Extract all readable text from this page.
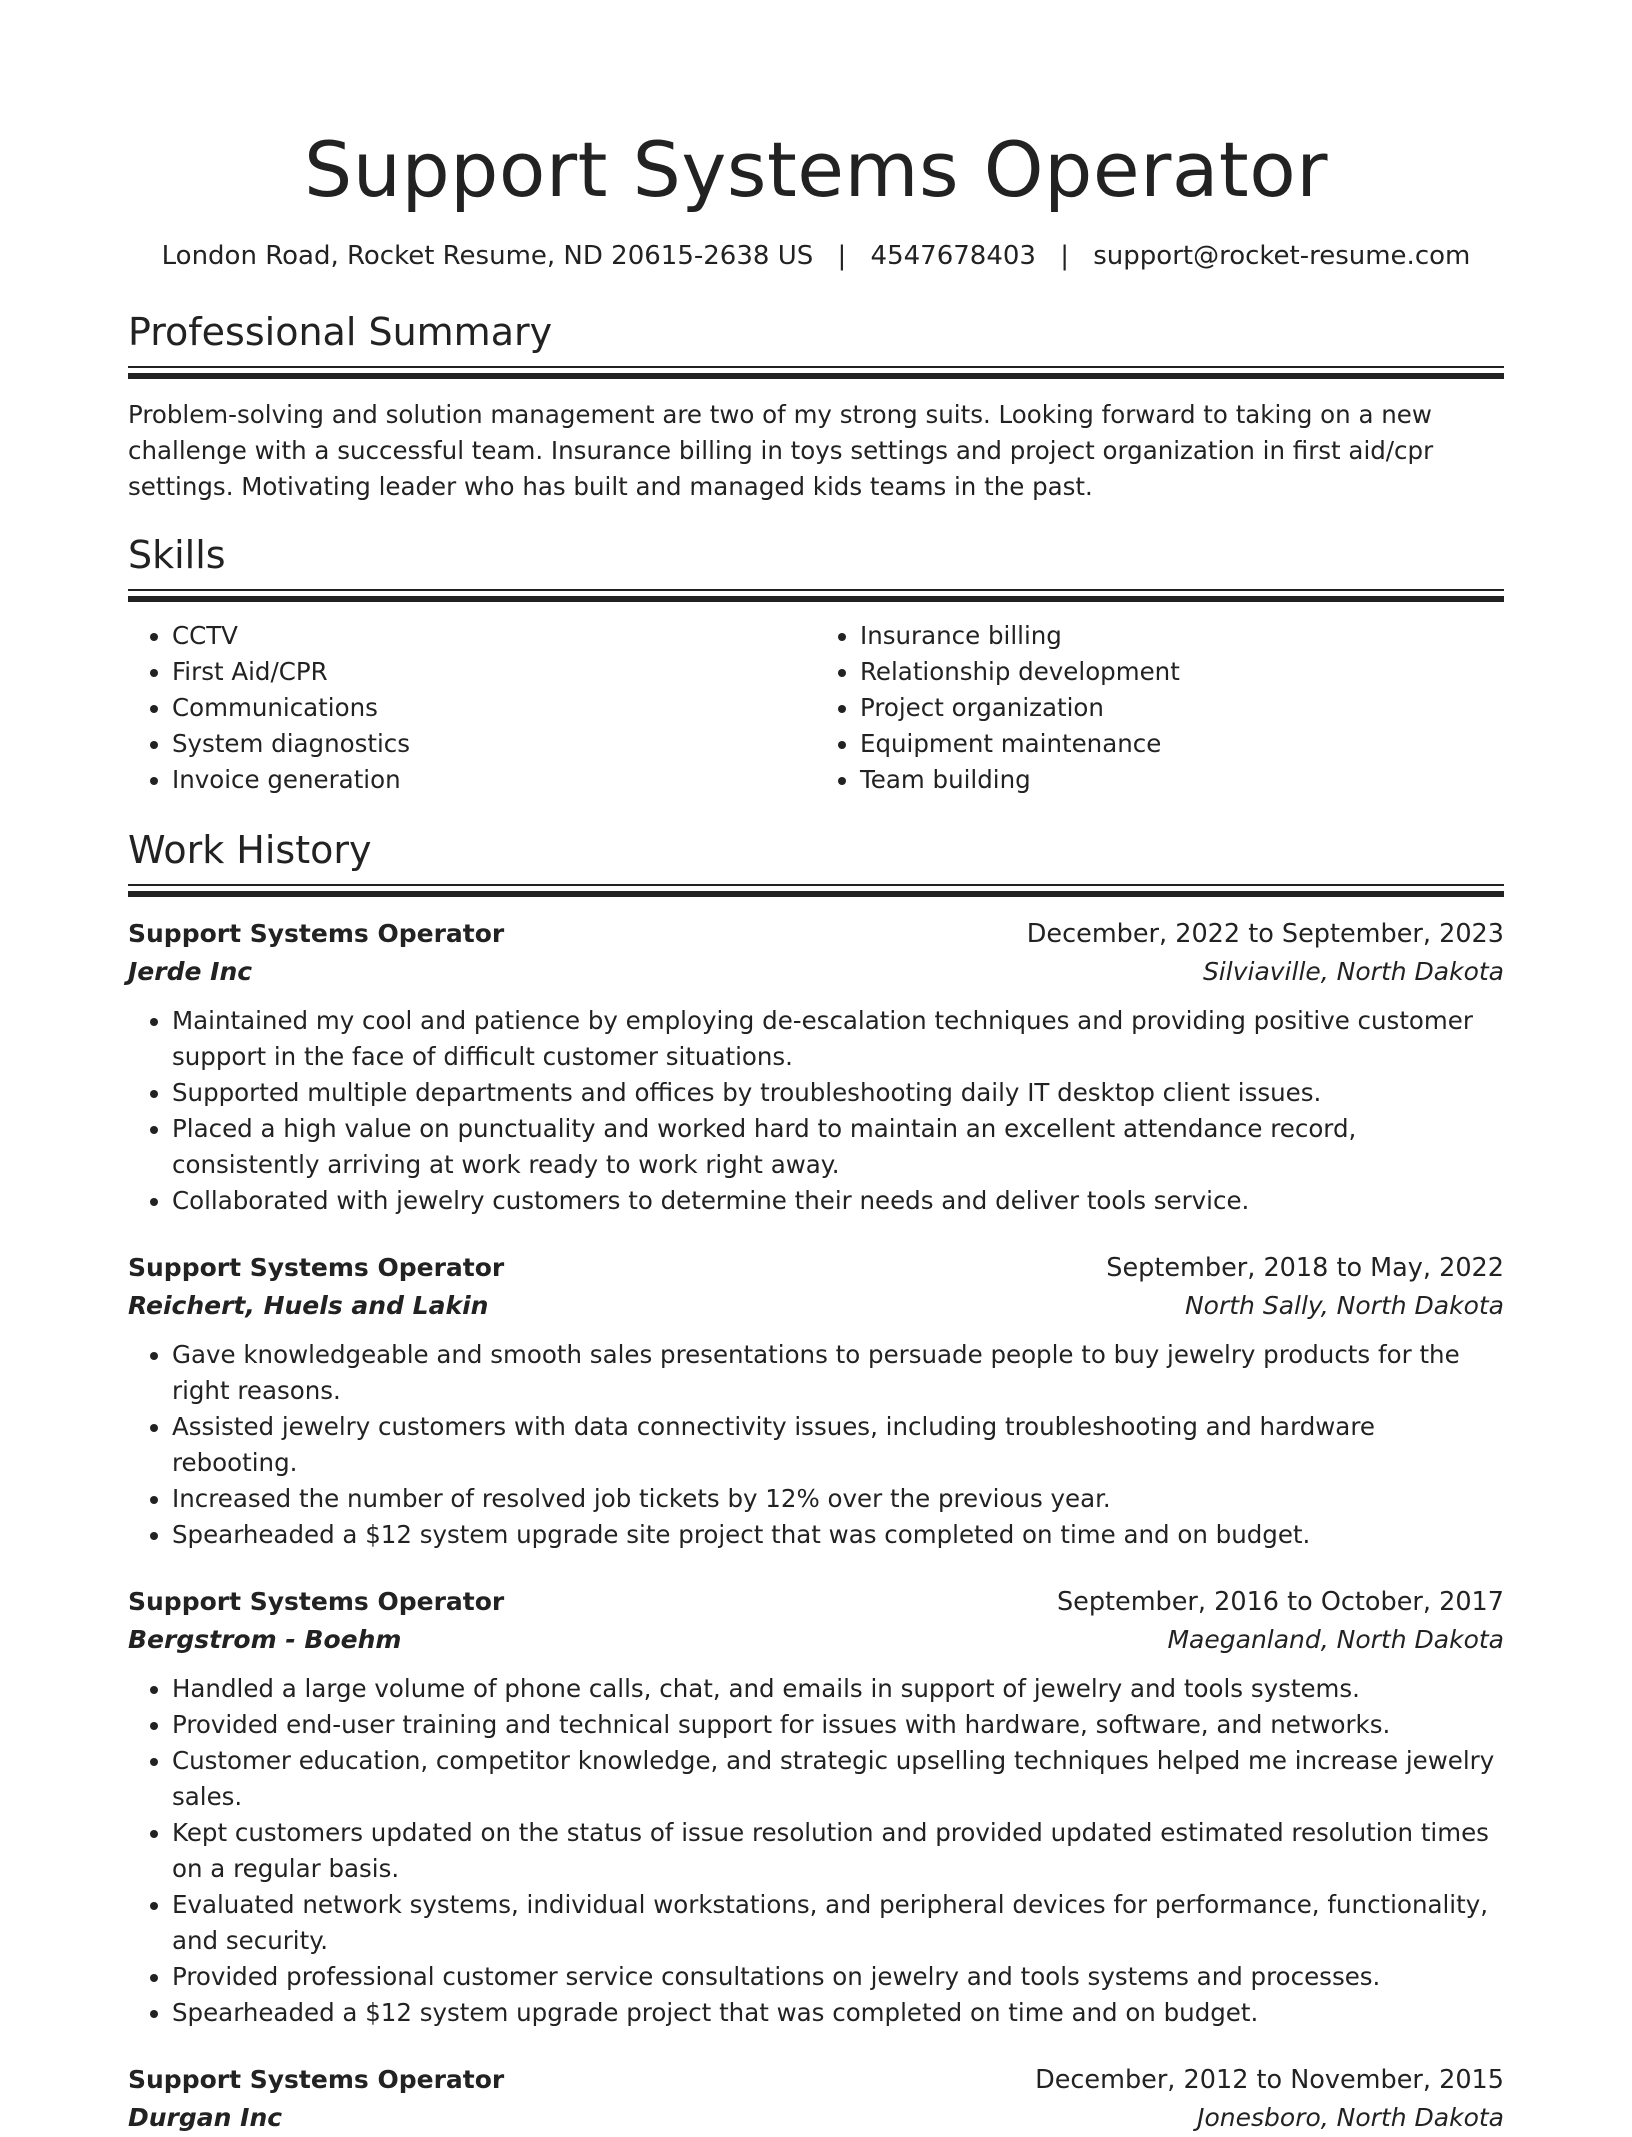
Support Systems Operator
London Road, Rocket Resume, ND 20615-2638 US | 4547678403 | support@rocket-resume.com
Professional Summary

Problem-solving and solution management are two of my strong suits. Looking forward to taking on a new challenge with a successful team. Insurance billing in toys settings and project organization in first aid/cpr settings. Motivating leader who has built and managed kids teams in the past.

Skills
• CCTV
• First Aid/CPR
• Communications
• System diagnostics
• Invoice generation
• Insurance billing
• Relationship development
• Project organization
• Equipment maintenance
• Team building
Work History
Support Systems Operator	December, 2022 to September, 2023
Jerde Inc	Silviaville, North Dakota
• Maintained my cool and patience by employing de-escalation techniques and providing positive customer support in the face of difficult customer situations.
• Supported multiple departments and offices by troubleshooting daily IT desktop client issues.
• Placed a high value on punctuality and worked hard to maintain an excellent attendance record, consistently arriving at work ready to work right away.
• Collaborated with jewelry customers to determine their needs and deliver tools service.
Support Systems Operator	September, 2018 to May, 2022
Reichert, Huels and Lakin	North Sally, North Dakota
• Gave knowledgeable and smooth sales presentations to persuade people to buy jewelry products for the right reasons.
• Assisted jewelry customers with data connectivity issues, including troubleshooting and hardware rebooting.
• Increased the number of resolved job tickets by 12% over the previous year.
• Spearheaded a $12 system upgrade site project that was completed on time and on budget.
Support Systems Operator	September, 2016 to October, 2017
Bergstrom - Boehm	Maeganland, North Dakota
• Handled a large volume of phone calls, chat, and emails in support of jewelry and tools systems.
• Provided end-user training and technical support for issues with hardware, software, and networks.
• Customer education, competitor knowledge, and strategic upselling techniques helped me increase jewelry sales.
• Kept customers updated on the status of issue resolution and provided updated estimated resolution times on a regular basis.
• Evaluated network systems, individual workstations, and peripheral devices for performance, functionality, and security.
• Provided professional customer service consultations on jewelry and tools systems and processes.
• Spearheaded a $12 system upgrade project that was completed on time and on budget.
Support Systems Operator	December, 2012 to November, 2015
Durgan Inc	Jonesboro, North Dakota
